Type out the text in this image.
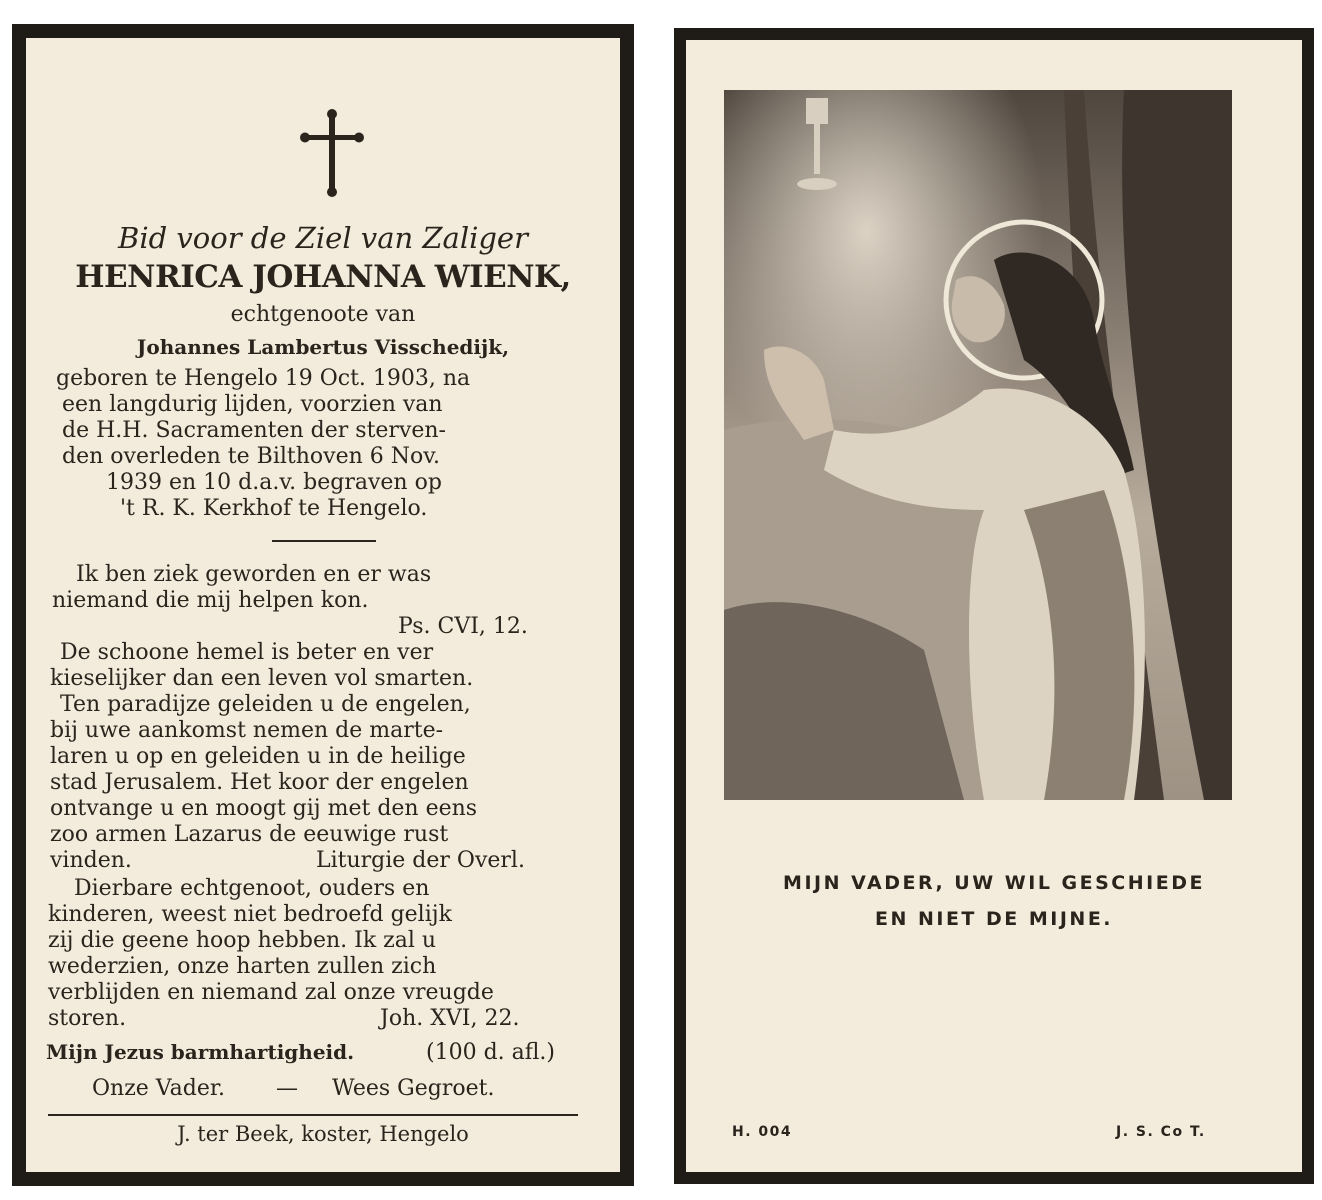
Bid voor de Ziel van Zaliger
HENRICA JOHANNA WIENK,
echtgenoote van
Johannes Lambertus Visschedijk,
geboren te Hengelo 19 Oct. 1903, na
een langdurig lijden, voorzien van
de H.H. Sacramenten der sterven-
den overleden te Bilthoven 6 Nov.
1939 en 10 d.a.v. begraven op
't R. K. Kerkhof te Hengelo.
Ik ben ziek geworden en er was
niemand die mij helpen kon.
Ps. CVI, 12.
De schoone hemel is beter en ver
kieselijker dan een leven vol smarten.
Ten paradijze geleiden u de engelen,
bij uwe aankomst nemen de marte-
laren u op en geleiden u in de heilige
stad Jerusalem. Het koor der engelen
ontvange u en moogt gij met den eens
zoo armen Lazarus de eeuwige rust
vinden.	Liturgie der Overl.
Dierbare echtgenoot, ouders en
kinderen, weest niet bedroefd gelijk
zij die geene hoop hebben. Ik zal u
wederzien, onze harten zullen zich
verblijden en niemand zal onze vreugde
storen.	Joh. XVI, 22.
Mijn Jezus barmhartigheid.	(100 d. afl.)
Onze Vader. — Wees Gegroet.
J. ter Beek, koster, Hengelo
MIJN VADER, UW WIL GESCHIEDE
EN NIET DE MIJNE.
H. 004	J. S. Co T.
